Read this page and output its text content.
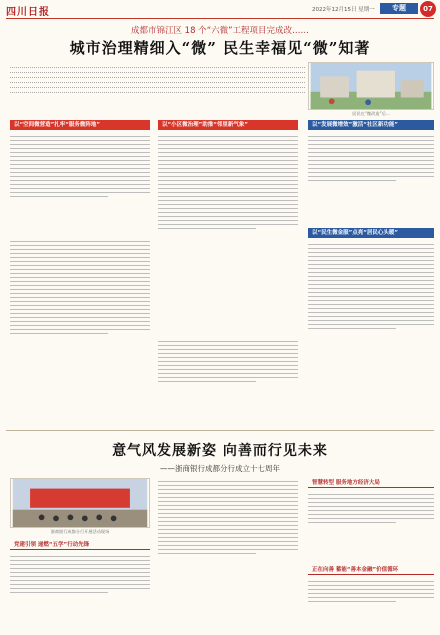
四川日报	2022年12月15日 星期一	专题	07
成都市锦江区 18 个“六微”工程项目完成改……
城市治理精细入“微” 民生幸福见“微”知著
居民在“微改造”后...
以“空间微营造”扎牢“服务微阵地”	以“小区微治理”助推“邻里新气象”	以“发展微增效”激活“社区新功能”
以“民生微金服”点亮“居民心头暖”
意气风发展新姿 向善而行见未来
——浙商银行成都分行成立十七周年
浙商银行成都分行开展活动现场
党建引领 递燃“五学”行动先锋
智慧转型 服务地方经济大局
正在向善 蓄能“善本金融”价值循环
